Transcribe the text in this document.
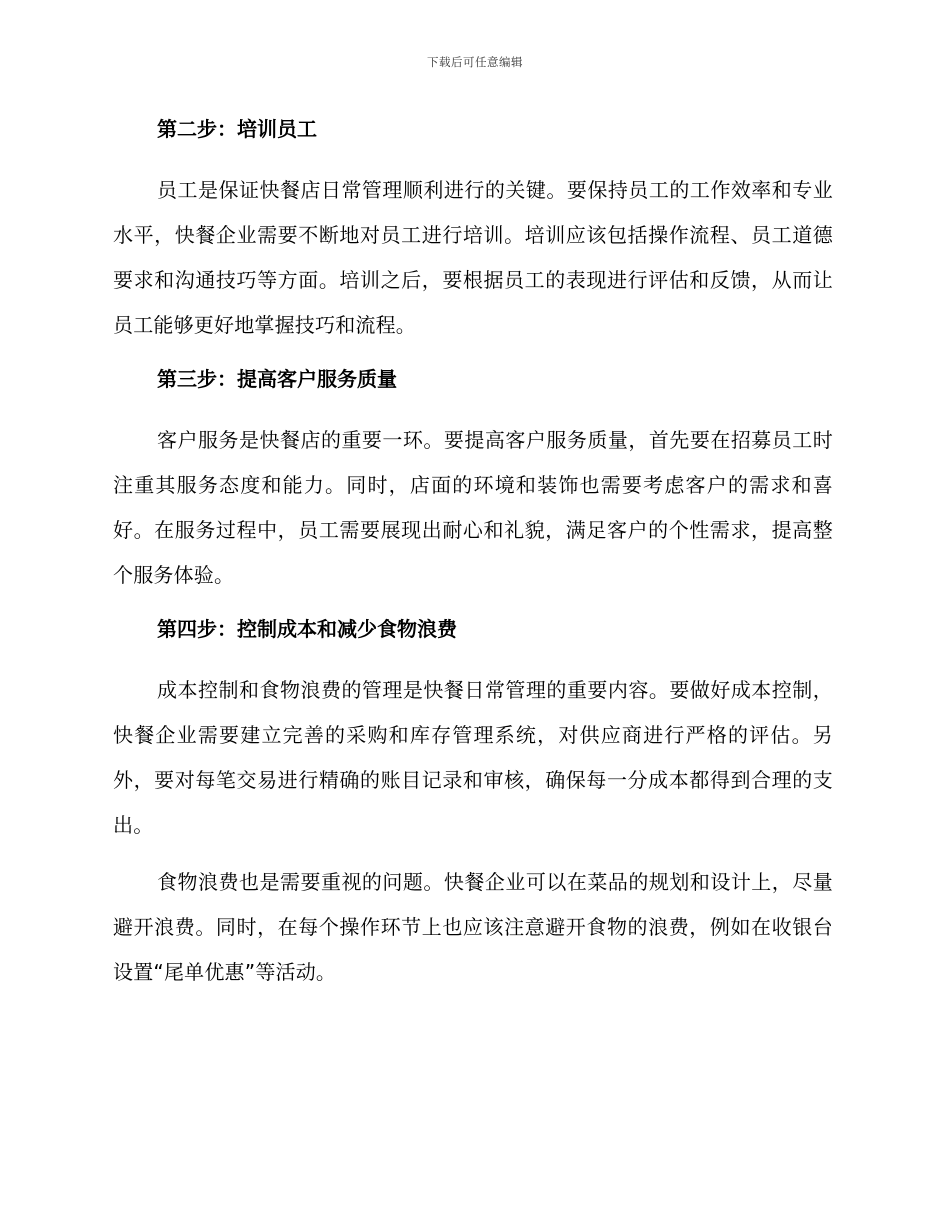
下载后可任意编辑
第二步：培训员工

员工是保证快餐店日常管理顺利进行的关键。要保持员工的工作效率和专业水平，快餐企业需要不断地对员工进行培训。培训应该包括操作流程、员工道德要求和沟通技巧等方面。培训之后，要根据员工的表现进行评估和反馈，从而让员工能够更好地掌握技巧和流程。

第三步：提高客户服务质量

客户服务是快餐店的重要一环。要提高客户服务质量，首先要在招募员工时注重其服务态度和能力。同时，店面的环境和装饰也需要考虑客户的需求和喜好。在服务过程中，员工需要展现出耐心和礼貌，满足客户的个性需求，提高整个服务体验。

第四步：控制成本和减少食物浪费

成本控制和食物浪费的管理是快餐日常管理的重要内容。要做好成本控制，快餐企业需要建立完善的采购和库存管理系统，对供应商进行严格的评估。另外，要对每笔交易进行精确的账目记录和审核，确保每一分成本都得到合理的支出。

食物浪费也是需要重视的问题。快餐企业可以在菜品的规划和设计上，尽量避开浪费。同时，在每个操作环节上也应该注意避开食物的浪费，例如在收银台设置“尾单优惠”等活动。
